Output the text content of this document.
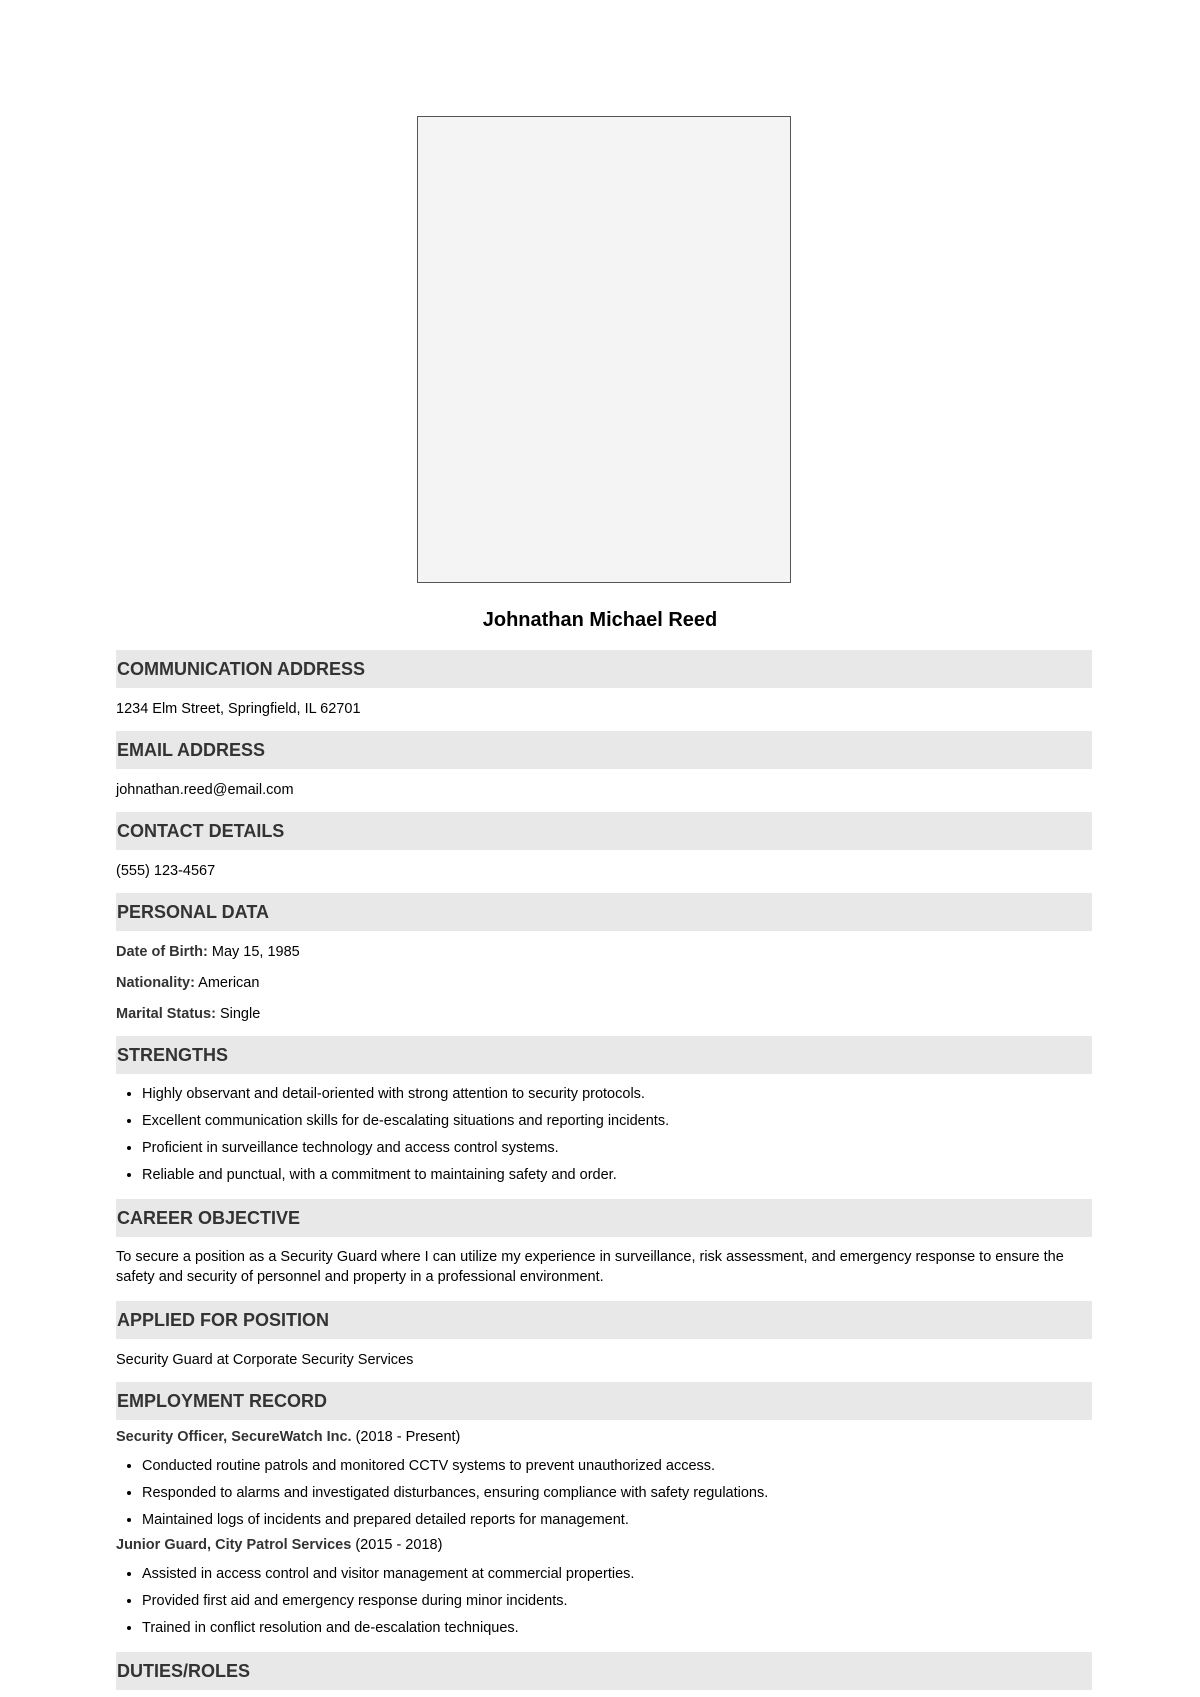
Johnathan Michael Reed
COMMUNICATION ADDRESS

1234 Elm Street, Springfield, IL 62701

EMAIL ADDRESS

johnathan.reed@email.com

CONTACT DETAILS

(555) 123-4567

PERSONAL DATA

Date of Birth: May 15, 1985

Nationality: American

Marital Status: Single

STRENGTHS
• Highly observant and detail-oriented with strong attention to security protocols.
• Excellent communication skills for de-escalating situations and reporting incidents.
• Proficient in surveillance technology and access control systems.
• Reliable and punctual, with a commitment to maintaining safety and order.
CAREER OBJECTIVE

To secure a position as a Security Guard where I can utilize my experience in surveillance, risk assessment, and emergency response to ensure the safety and security of personnel and property in a professional environment.

APPLIED FOR POSITION

Security Guard at Corporate Security Services

EMPLOYMENT RECORD

Security Officer, SecureWatch Inc. (2018 - Present)

• Conducted routine patrols and monitored CCTV systems to prevent unauthorized access.
• Responded to alarms and investigated disturbances, ensuring compliance with safety regulations.
• Maintained logs of incidents and prepared detailed reports for management.

Junior Guard, City Patrol Services (2015 - 2018)

• Assisted in access control and visitor management at commercial properties.
• Provided first aid and emergency response during minor incidents.
• Trained in conflict resolution and de-escalation techniques.
DUTIES/ROLES
